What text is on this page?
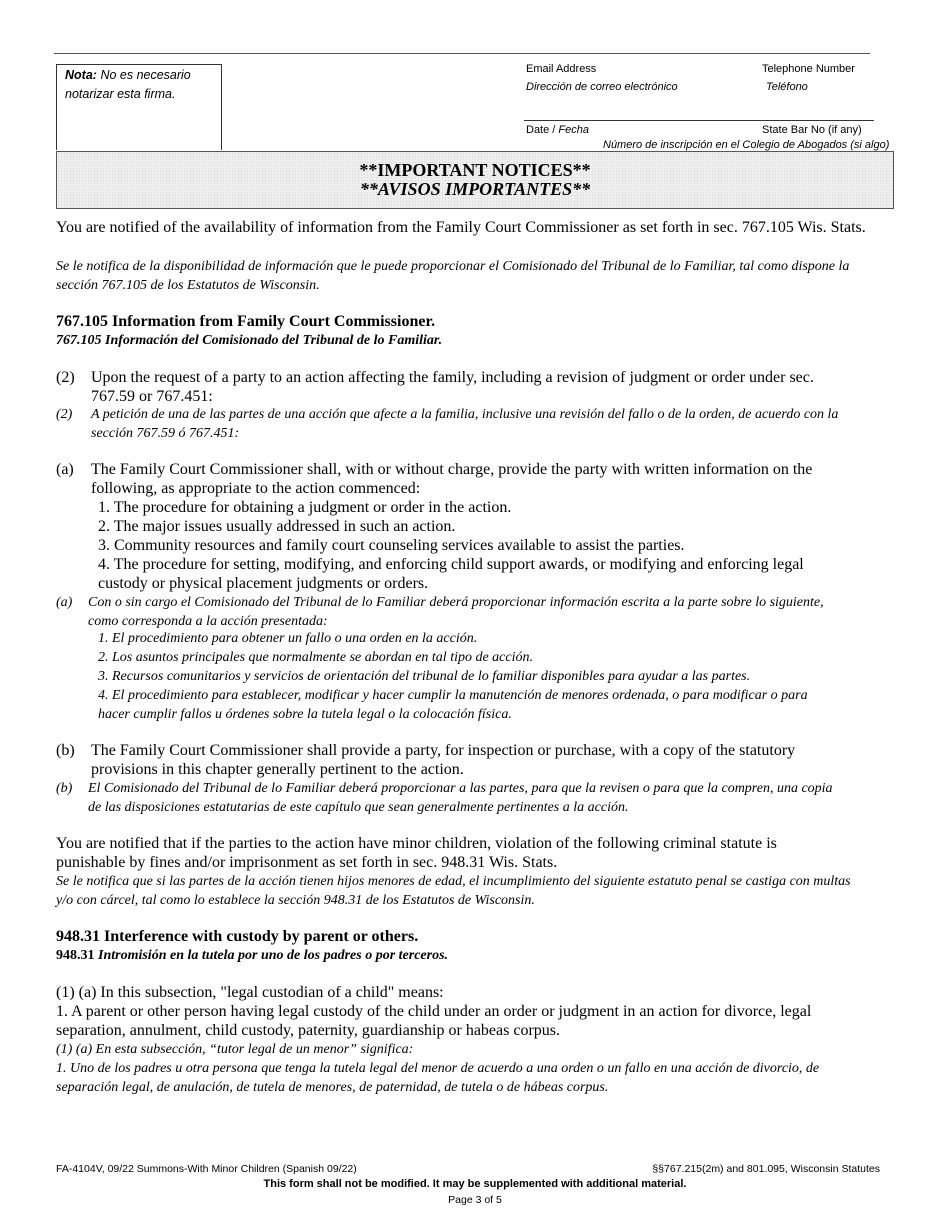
Nota: No es necesario notarizar esta firma.
Email Address
Dirección de correo electrónico
Telephone Number
Teléfono
Date / Fecha	State Bar No (if any)
Número de inscripción en el Colegio de Abogados (si algo)
**IMPORTANT NOTICES**
**AVISOS IMPORTANTES**
You are notified of the availability of information from the Family Court Commissioner as set forth in sec. 767.105 Wis. Stats.
Se le notifica de la disponibilidad de información que le puede proporcionar el Comisionado del Tribunal de lo Familiar, tal como dispone la sección 767.105 de los Estatutos de Wisconsin.
767.105 Information from Family Court Commissioner.
767.105 Información del Comisionado del Tribunal de lo Familiar.
(2)	Upon the request of a party to an action affecting the family, including a revision of judgment or order under sec. 767.59 or 767.451:
(2)	A petición de una de las partes de una acción que afecte a la familia, inclusive una revisión del fallo o de la orden, de acuerdo con la sección 767.59 ó 767.451:
(a)	The Family Court Commissioner shall, with or without charge, provide the party with written information on the following, as appropriate to the action commenced:
1. The procedure for obtaining a judgment or order in the action.
2. The major issues usually addressed in such an action.
3. Community resources and family court counseling services available to assist the parties.
4. The procedure for setting, modifying, and enforcing child support awards, or modifying and enforcing legal custody or physical placement judgments or orders.
(a)	Con o sin cargo el Comisionado del Tribunal de lo Familiar deberá proporcionar información escrita a la parte sobre lo siguiente, como corresponda a la acción presentada:
1. El procedimiento para obtener un fallo o una orden en la acción.
2. Los asuntos principales que normalmente se abordan en tal tipo de acción.
3. Recursos comunitarios y servicios de orientación del tribunal de lo familiar disponibles para ayudar a las partes.
4. El procedimiento para establecer, modificar y hacer cumplir la manutención de menores ordenada, o para modificar o para hacer cumplir fallos u órdenes sobre la tutela legal o la colocación física.
(b)	The Family Court Commissioner shall provide a party, for inspection or purchase, with a copy of the statutory provisions in this chapter generally pertinent to the action.
(b)	El Comisionado del Tribunal de lo Familiar deberá proporcionar a las partes, para que la revisen o para que la compren, una copia de las disposiciones estatutarias de este capítulo que sean generalmente pertinentes a la acción.
You are notified that if the parties to the action have minor children, violation of the following criminal statute is punishable by fines and/or imprisonment as set forth in sec. 948.31 Wis. Stats.
Se le notifica que si las partes de la acción tienen hijos menores de edad, el incumplimiento del siguiente estatuto penal se castiga con multas y/o con cárcel, tal como lo establece la sección 948.31 de los Estatutos de Wisconsin.
948.31 Interference with custody by parent or others.
948.31 Intromisión en la tutela por uno de los padres o por terceros.
(1) (a) In this subsection, "legal custodian of a child" means:
1. A parent or other person having legal custody of the child under an order or judgment in an action for divorce, legal separation, annulment, child custody, paternity, guardianship or habeas corpus.
(1) (a) En esta subsección, “tutor legal de un menor” significa:
1. Uno de los padres u otra persona que tenga la tutela legal del menor de acuerdo a una orden o un fallo en una acción de divorcio, de separación legal, de anulación, de tutela de menores, de paternidad, de tutela o de hábeas corpus.
FA-4104V, 09/22 Summons-With Minor Children (Spanish 09/22)	§§767.215(2m) and 801.095, Wisconsin Statutes
This form shall not be modified. It may be supplemented with additional material.
Page 3 of 5
